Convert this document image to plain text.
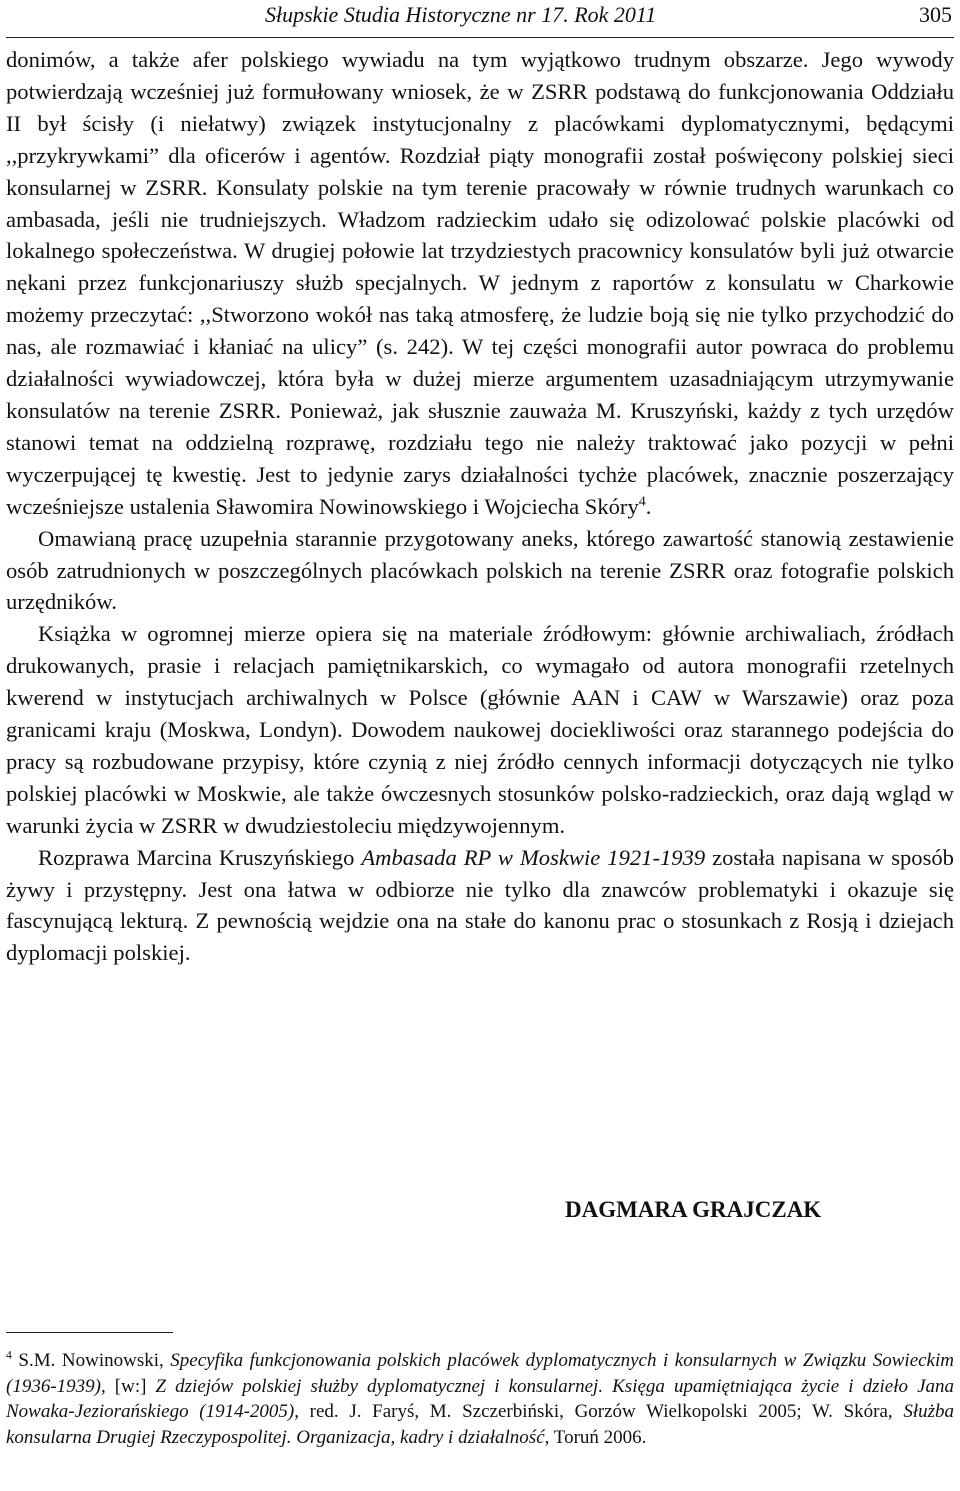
Słupskie Studia Historyczne nr 17. Rok 2011	305

donimów, a także afer polskiego wywiadu na tym wyjątkowo trudnym obszarze. Jego wywody potwierdzają wcześniej już formułowany wniosek, że w ZSRR podstawą do funkcjonowania Oddziału II był ścisły (i niełatwy) związek instytucjonalny z placówkami dyplomatycznymi, będącymi ,,przykrywkami” dla oficerów i agentów. Rozdział piąty monografii został poświęcony polskiej sieci konsularnej w ZSRR. Konsulaty polskie na tym terenie pracowały w równie trudnych warunkach co ambasada, jeśli nie trudniejszych. Władzom radzieckim udało się odizolować polskie placówki od lokalnego społeczeństwa. W drugiej połowie lat trzydziestych pracownicy konsulatów byli już otwarcie nękani przez funkcjonariuszy służb specjalnych. W jednym z raportów z konsulatu w Charkowie możemy przeczytać: ,,Stworzono wokół nas taką atmosferę, że ludzie boją się nie tylko przychodzić do nas, ale rozmawiać i kłaniać na ulicy” (s. 242). W tej części monografii autor powraca do problemu działalności wywiadowczej, która była w dużej mierze argumentem uzasadniającym utrzymywanie konsulatów na terenie ZSRR. Ponieważ, jak słusznie zauważa M. Kruszyński, każdy z tych urzędów stanowi temat na oddzielną rozprawę, rozdziału tego nie należy traktować jako pozycji w pełni wyczerpującej tę kwestię. Jest to jedynie zarys działalności tychże placówek, znacznie poszerzający wcześniejsze ustalenia Sławomira Nowinowskiego i Wojciecha Skóry$^4$.

Omawianą pracę uzupełnia starannie przygotowany aneks, którego zawartość stanowią zestawienie osób zatrudnionych w poszczególnych placówkach polskich na terenie ZSRR oraz fotografie polskich urzędników.

Książka w ogromnej mierze opiera się na materiale źródłowym: głównie archiwaliach, źródłach drukowanych, prasie i relacjach pamiętnikarskich, co wymagało od autora monografii rzetelnych kwerend w instytucjach archiwalnych w Polsce (głównie AAN i CAW w Warszawie) oraz poza granicami kraju (Moskwa, Londyn). Dowodem naukowej dociekliwości oraz starannego podejścia do pracy są rozbudowane przypisy, które czynią z niej źródło cennych informacji dotyczących nie tylko polskiej placówki w Moskwie, ale także ówczesnych stosunków polsko-radzieckich, oraz dają wgląd w warunki życia w ZSRR w dwudziestoleciu międzywojennym.

Rozprawa Marcina Kruszyńskiego Ambasada RP w Moskwie 1921-1939 została napisana w sposób żywy i przystępny. Jest ona łatwa w odbiorze nie tylko dla znawców problematyki i okazuje się fascynującą lekturą. Z pewnością wejdzie ona na stałe do kanonu prac o stosunkach z Rosją i dziejach dyplomacji polskiej.

DAGMARA GRAJCZAK

$^4$ S.M. Nowinowski, Specyfika funkcjonowania polskich placówek dyplomatycznych i konsularnych w Związku Sowieckim (1936-1939), [w:] Z dziejów polskiej służby dyplomatycznej i konsularnej. Księga upamiętniająca życie i dzieło Jana Nowaka-Jeziorańskiego (1914-2005), red. J. Faryś, M. Szczerbiński, Gorzów Wielkopolski 2005; W. Skóra, Służba konsularna Drugiej Rzeczypospolitej. Organizacja, kadry i działalność, Toruń 2006.
